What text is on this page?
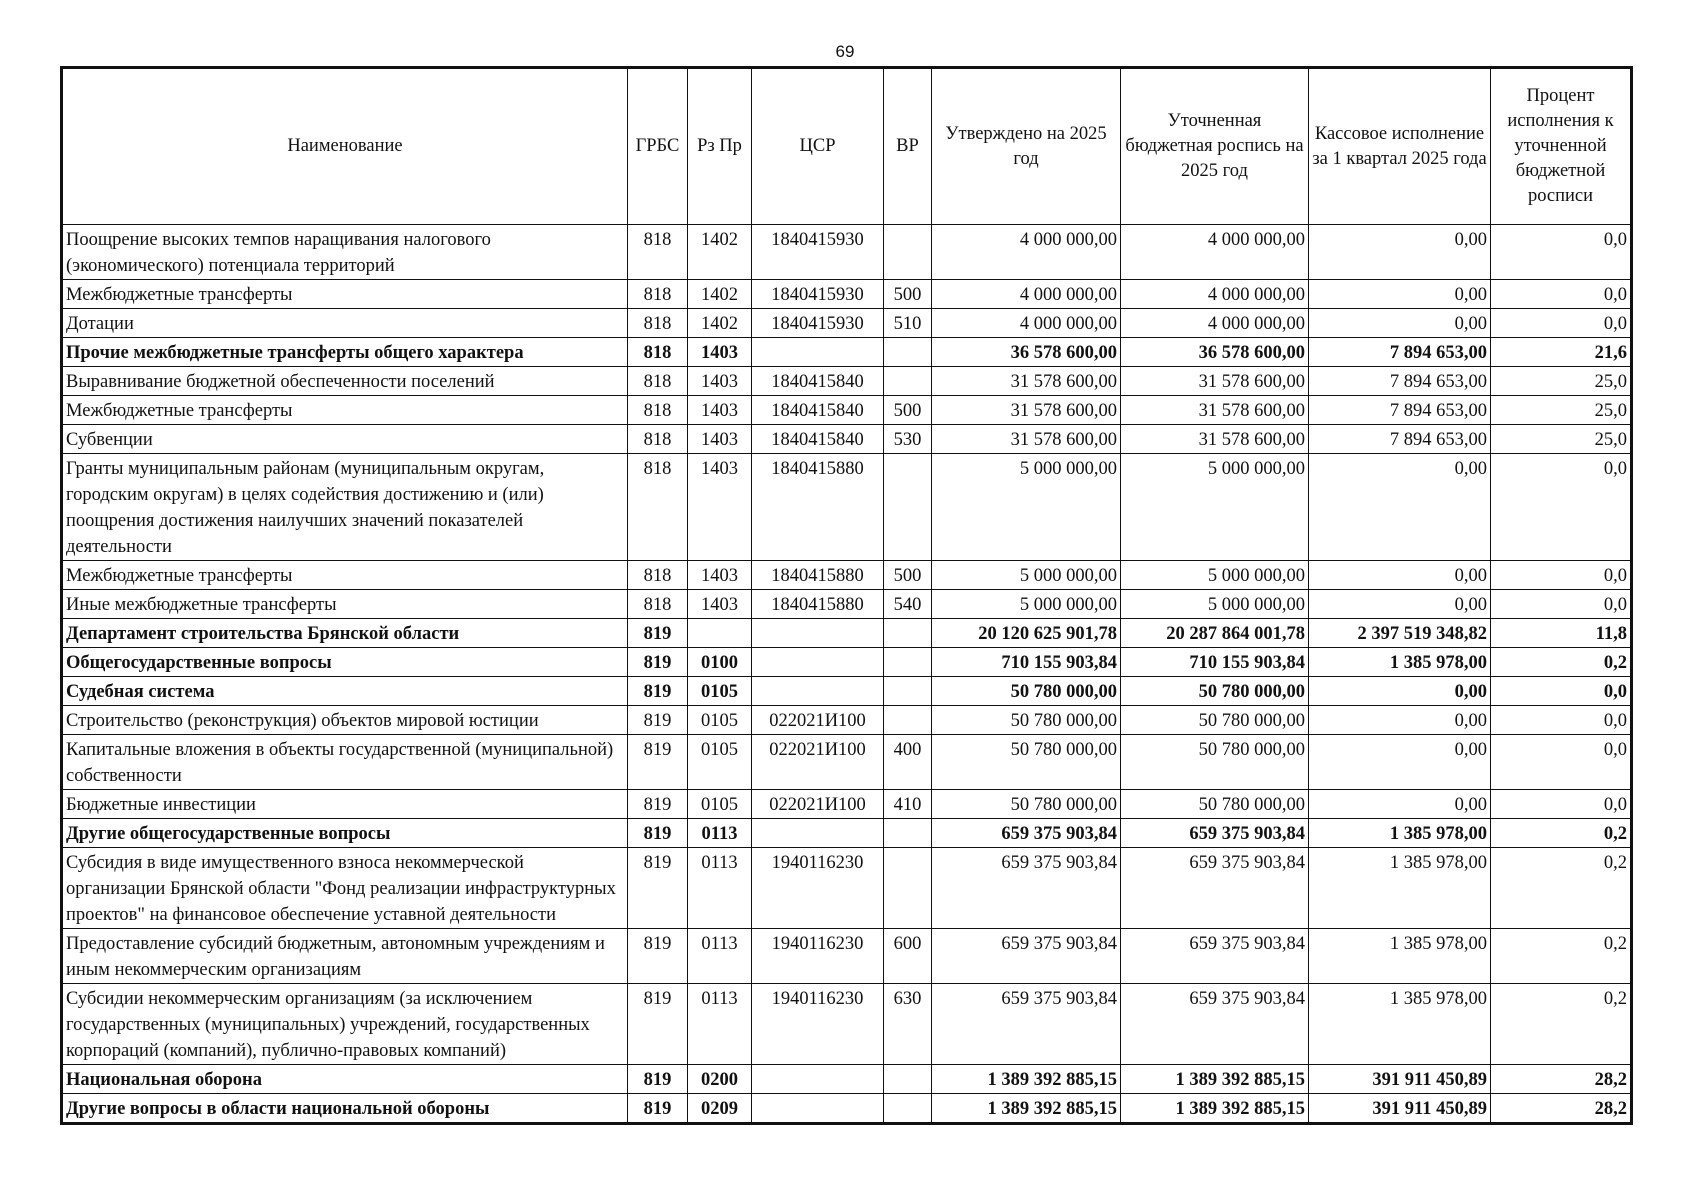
69
Наименование	ГРБС	Рз Пр	ЦСР	ВР	Утверждено на 2025 год	Уточненная бюджетная роспись на 2025 год	Кассовое исполнение за 1 квартал 2025 года	Процент исполнения к уточненной бюджетной росписи
Поощрение высоких темпов наращивания налогового (экономического) потенциала территорий	818	1402	1840415930		4 000 000,00	4 000 000,00	0,00	0,0
Межбюджетные трансферты	818	1402	1840415930	500	4 000 000,00	4 000 000,00	0,00	0,0
Дотации	818	1402	1840415930	510	4 000 000,00	4 000 000,00	0,00	0,0
Прочие межбюджетные трансферты общего характера	818	1403			36 578 600,00	36 578 600,00	7 894 653,00	21,6
Выравнивание бюджетной обеспеченности поселений	818	1403	1840415840		31 578 600,00	31 578 600,00	7 894 653,00	25,0
Межбюджетные трансферты	818	1403	1840415840	500	31 578 600,00	31 578 600,00	7 894 653,00	25,0
Субвенции	818	1403	1840415840	530	31 578 600,00	31 578 600,00	7 894 653,00	25,0
Гранты муниципальным районам (муниципальным округам, городским округам) в целях содействия достижению и (или) поощрения достижения наилучших значений показателей деятельности	818	1403	1840415880		5 000 000,00	5 000 000,00	0,00	0,0
Межбюджетные трансферты	818	1403	1840415880	500	5 000 000,00	5 000 000,00	0,00	0,0
Иные межбюджетные трансферты	818	1403	1840415880	540	5 000 000,00	5 000 000,00	0,00	0,0
Департамент строительства Брянской области	819				20 120 625 901,78	20 287 864 001,78	2 397 519 348,82	11,8
Общегосударственные вопросы	819	0100			710 155 903,84	710 155 903,84	1 385 978,00	0,2
Судебная система	819	0105			50 780 000,00	50 780 000,00	0,00	0,0
Строительство (реконструкция) объектов мировой юстиции	819	0105	022021И100		50 780 000,00	50 780 000,00	0,00	0,0
Капитальные вложения в объекты государственной (муниципальной) собственности	819	0105	022021И100	400	50 780 000,00	50 780 000,00	0,00	0,0
Бюджетные инвестиции	819	0105	022021И100	410	50 780 000,00	50 780 000,00	0,00	0,0
Другие общегосударственные вопросы	819	0113			659 375 903,84	659 375 903,84	1 385 978,00	0,2
Субсидия в виде имущественного взноса некоммерческой организации Брянской области "Фонд реализации инфраструктурных проектов" на финансовое обеспечение уставной деятельности	819	0113	1940116230		659 375 903,84	659 375 903,84	1 385 978,00	0,2
Предоставление субсидий бюджетным, автономным учреждениям и иным некоммерческим организациям	819	0113	1940116230	600	659 375 903,84	659 375 903,84	1 385 978,00	0,2
Субсидии некоммерческим организациям (за исключением государственных (муниципальных) учреждений, государственных корпораций (компаний), публично-правовых компаний)	819	0113	1940116230	630	659 375 903,84	659 375 903,84	1 385 978,00	0,2
Национальная оборона	819	0200			1 389 392 885,15	1 389 392 885,15	391 911 450,89	28,2
Другие вопросы в области национальной обороны	819	0209			1 389 392 885,15	1 389 392 885,15	391 911 450,89	28,2
